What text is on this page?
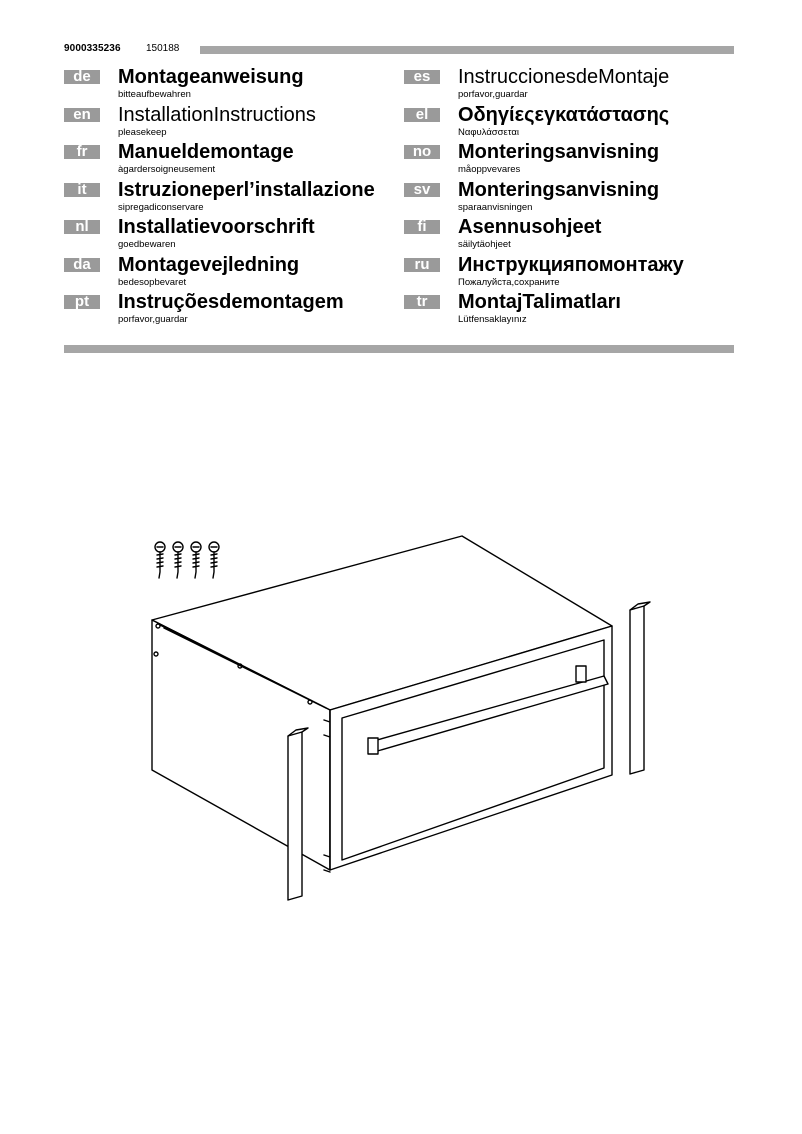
9000335236	150188
de	Montageanweisung
bitteaufbewahren
en	InstallationInstructions
pleasekeep
fr	Manueldemontage
àgardersoigneusement
it	Istruzioneperl’installazione
sipregadiconservare
nl	Installatievoorschrift
goedbewaren
da	Montagevejledning
bedesopbevaret
pt	Instruçõesdemontagem
porfavor,guardar
es	InstruccionesdeMontaje
porfavor,guardar
el	Οδηγίεςεγκατάστασης
Ναφυλάσσεται
no	Monteringsanvisning
måoppvevares
sv	Monteringsanvisning
sparaanvisningen
fi	Asennusohjeet
säilytäohjeet
ru	Инструкцияпомонтажу
Пожалуйста,сохраните
tr	MontajTalimatları
Lütfensaklayınız
